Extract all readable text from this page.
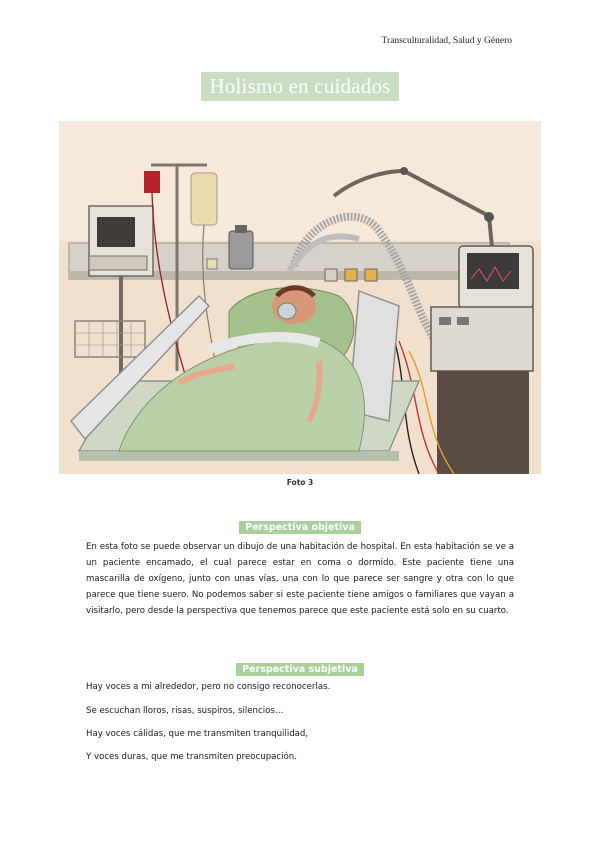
Transculturalidad, Salud y Género
Holismo en cuidados
Foto 3
Perspectiva objetiva
En esta foto se puede observar un dibujo de una habitación de hospital. En esta habitación se ve a un paciente encamado, el cual parece estar en coma o dormido. Este paciente tiene una mascarilla de oxígeno, junto con unas vías, una con lo que parece ser sangre y otra con lo que parece que tiene suero. No podemos saber si este paciente tiene amigos o familiares que vayan a visitarlo, pero desde la perspectiva que tenemos parece que este paciente está solo en su cuarto.
Perspectiva subjetiva
Hay voces a mi alrededor, pero no consigo reconocerlas.
Se escuchan lloros, risas, suspiros, silencios…
Hay voces cálidas, que me transmiten tranquilidad,
Y voces duras, que me transmiten preocupación.
